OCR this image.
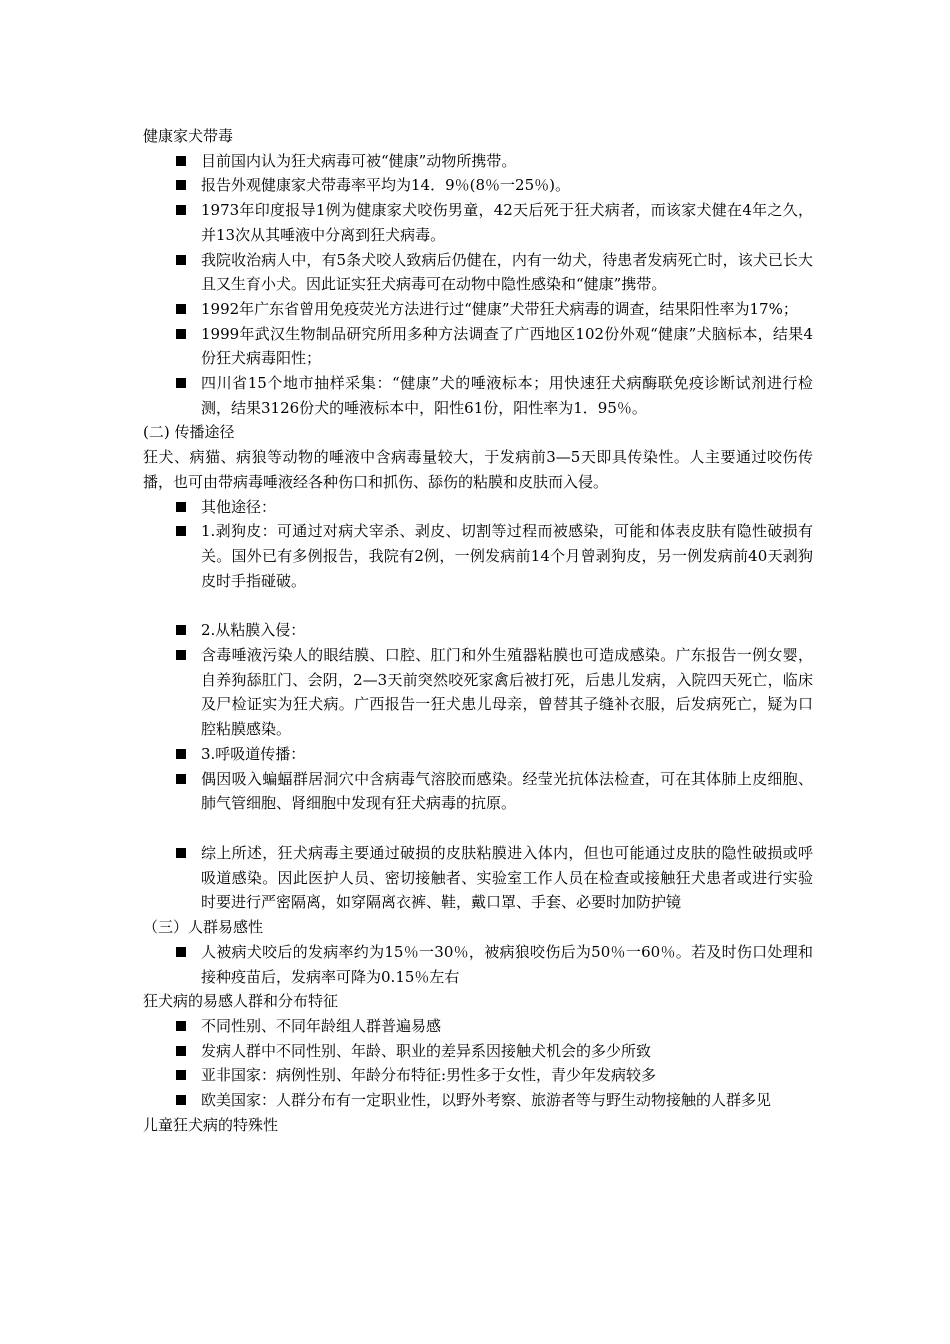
健康家犬带毒
目前国内认为狂犬病毒可被“健康”动物所携带。
报告外观健康家犬带毒率平均为14．9％(8％一25％)。
1973年印度报导1例为健康家犬咬伤男童，42天后死于狂犬病者，而该家犬健在4年之久，并13次从其唾液中分离到狂犬病毒。
我院收治病人中，有5条犬咬人致病后仍健在，内有一幼犬，待患者发病死亡时，该犬已长大且又生育小犬。因此证实狂犬病毒可在动物中隐性感染和“健康”携带。
1992年广东省曾用免疫荧光方法进行过“健康”犬带狂犬病毒的调查，结果阳性率为17%；
1999年武汉生物制品研究所用多种方法调查了广西地区102份外观“健康”犬脑标本，结果4份狂犬病毒阳性；
四川省15个地市抽样采集：“健康”犬的唾液标本；用快速狂犬病酶联免疫诊断试剂进行检测，结果3126份犬的唾液标本中，阳性61份，阳性率为1．95％。
(二) 传播途径
狂犬、病猫、病狼等动物的唾液中含病毒量较大，于发病前3—5天即具传染性。人主要通过咬伤传播，也可由带病毒唾液经各种伤口和抓伤、舔伤的粘膜和皮肤而入侵。
其他途径：
1.剥狗皮：可通过对病犬宰杀、剥皮、切割等过程而被感染，可能和体表皮肤有隐性破损有关。国外已有多例报告，我院有2例，一例发病前14个月曾剥狗皮，另一例发病前40天剥狗皮时手指碰破。
2.从粘膜入侵：
含毒唾液污染人的眼结膜、口腔、肛门和外生殖器粘膜也可造成感染。广东报告一例女婴，自养狗舔肛门、会阴，2—3天前突然咬死家禽后被打死，后患儿发病，入院四天死亡，临床及尸检证实为狂犬病。广西报告一狂犬患儿母亲，曾替其子缝补衣服，后发病死亡，疑为口腔粘膜感染。
3.呼吸道传播：
偶因吸入蝙蝠群居洞穴中含病毒气溶胶而感染。经莹光抗体法检查，可在其体肺上皮细胞、肺气管细胞、肾细胞中发现有狂犬病毒的抗原。
综上所述，狂犬病毒主要通过破损的皮肤粘膜进入体内，但也可能通过皮肤的隐性破损或呼吸道感染。因此医护人员、密切接触者、实验室工作人员在检查或接触狂犬患者或进行实验时要进行严密隔离，如穿隔离衣裤、鞋，戴口罩、手套、必要时加防护镜
（三）人群易感性
人被病犬咬后的发病率约为15％一30％，被病狼咬伤后为50％一60％。若及时伤口处理和接种疫苗后，发病率可降为0.15％左右
狂犬病的易感人群和分布特征
不同性别、不同年龄组人群普遍易感
发病人群中不同性别、年龄、职业的差异系因接触犬机会的多少所致
亚非国家：病例性别、年龄分布特征:男性多于女性，青少年发病较多
欧美国家：人群分布有一定职业性，以野外考察、旅游者等与野生动物接触的人群多见
儿童狂犬病的特殊性
